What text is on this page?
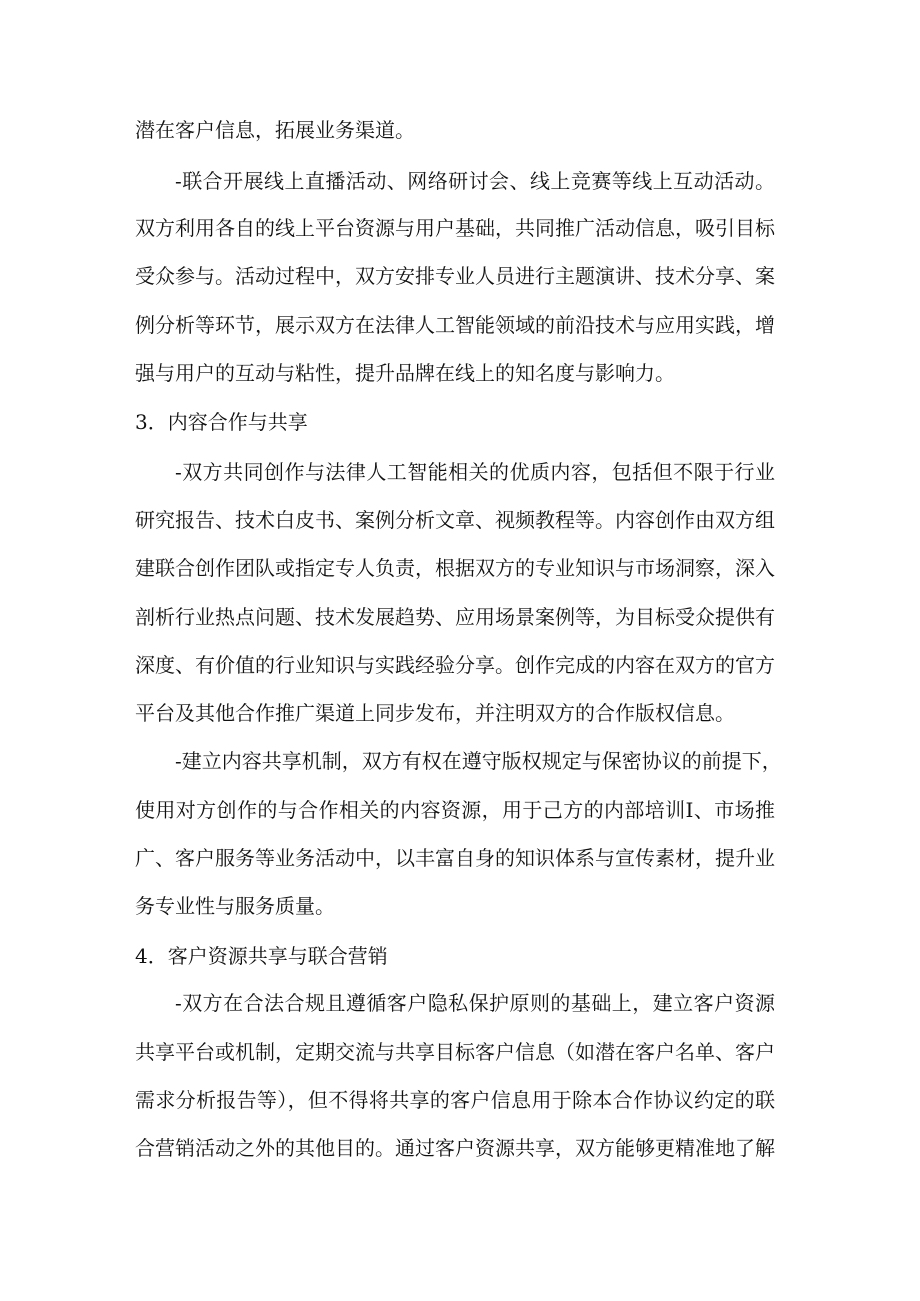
潜在客户信息，拓展业务渠道。
-联合开展线上直播活动、网络研讨会、线上竞赛等线上互动活动。
双方利用各自的线上平台资源与用户基础，共同推广活动信息，吸引目标
受众参与。活动过程中，双方安排专业人员进行主题演讲、技术分享、案
例分析等环节，展示双方在法律人工智能领域的前沿技术与应用实践，增
强与用户的互动与粘性，提升品牌在线上的知名度与影响力。
3．内容合作与共享
-双方共同创作与法律人工智能相关的优质内容，包括但不限于行业
研究报告、技术白皮书、案例分析文章、视频教程等。内容创作由双方组
建联合创作团队或指定专人负责，根据双方的专业知识与市场洞察，深入
剖析行业热点问题、技术发展趋势、应用场景案例等，为目标受众提供有
深度、有价值的行业知识与实践经验分享。创作完成的内容在双方的官方
平台及其他合作推广渠道上同步发布，并注明双方的合作版权信息。
-建立内容共享机制，双方有权在遵守版权规定与保密协议的前提下，
使用对方创作的与合作相关的内容资源，用于己方的内部培训I、市场推
广、客户服务等业务活动中，以丰富自身的知识体系与宣传素材，提升业
务专业性与服务质量。
4．客户资源共享与联合营销
-双方在合法合规且遵循客户隐私保护原则的基础上，建立客户资源
共享平台或机制，定期交流与共享目标客户信息（如潜在客户名单、客户
需求分析报告等），但不得将共享的客户信息用于除本合作协议约定的联
合营销活动之外的其他目的。通过客户资源共享，双方能够更精准地了解
